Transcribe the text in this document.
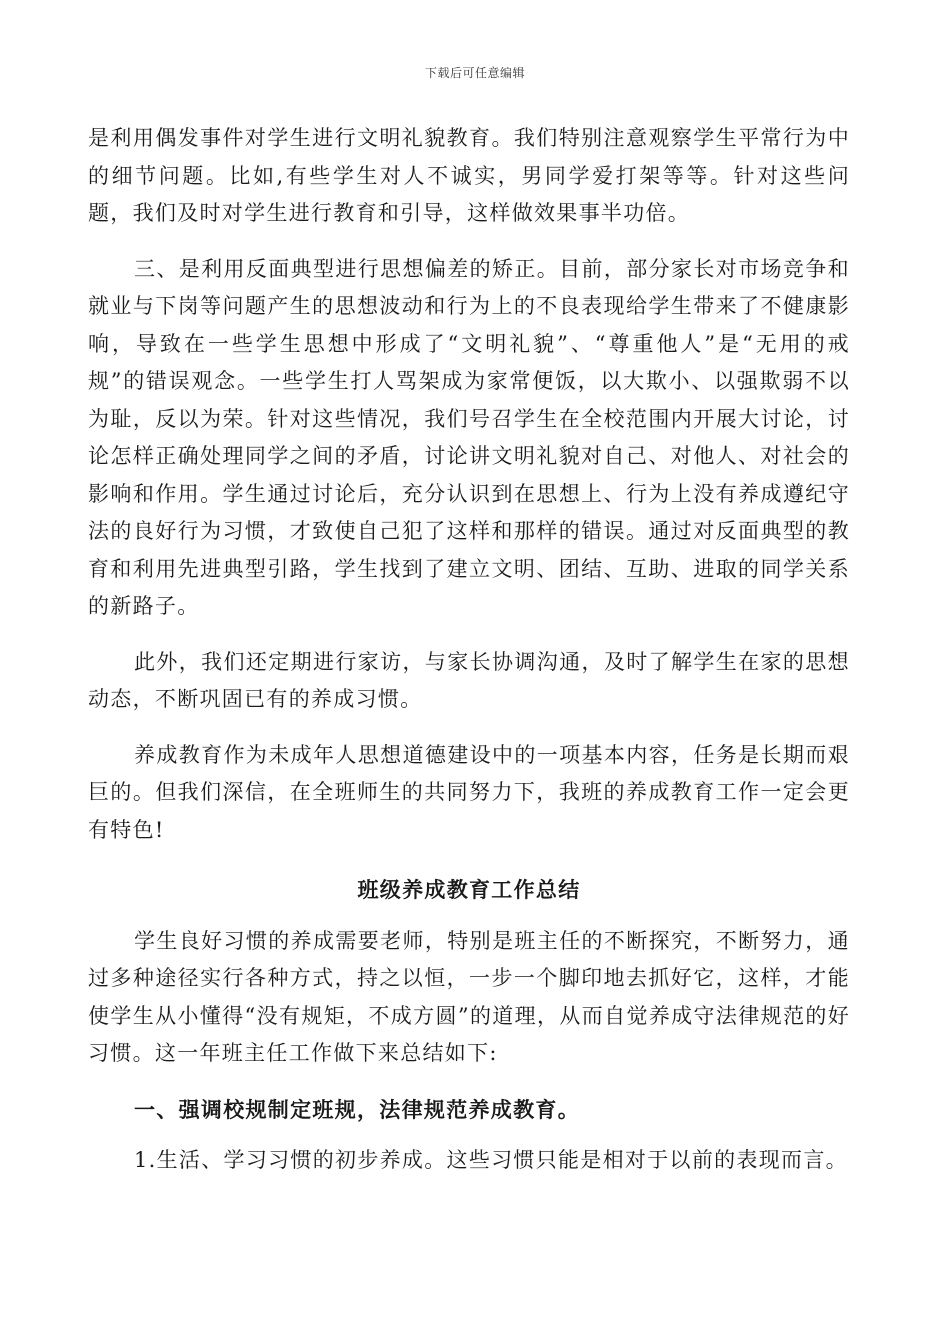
下载后可任意编辑

是利用偶发事件对学生进行文明礼貌教育。我们特别注意观察学生平常行为中的细节问题。比如,有些学生对人不诚实，男同学爱打架等等。针对这些问题，我们及时对学生进行教育和引导，这样做效果事半功倍。

三、是利用反面典型进行思想偏差的矫正。目前，部分家长对市场竞争和就业与下岗等问题产生的思想波动和行为上的不良表现给学生带来了不健康影响，导致在一些学生思想中形成了“文明礼貌”、“尊重他人”是“无用的戒规”的错误观念。一些学生打人骂架成为家常便饭，以大欺小、以强欺弱不以为耻，反以为荣。针对这些情况，我们号召学生在全校范围内开展大讨论，讨论怎样正确处理同学之间的矛盾，讨论讲文明礼貌对自己、对他人、对社会的影响和作用。学生通过讨论后，充分认识到在思想上、行为上没有养成遵纪守法的良好行为习惯，才致使自己犯了这样和那样的错误。通过对反面典型的教育和利用先进典型引路，学生找到了建立文明、团结、互助、进取的同学关系的新路子。

此外，我们还定期进行家访，与家长协调沟通，及时了解学生在家的思想动态，不断巩固已有的养成习惯。

养成教育作为未成年人思想道德建设中的一项基本内容，任务是长期而艰巨的。但我们深信，在全班师生的共同努力下，我班的养成教育工作一定会更有特色!

班级养成教育工作总结

学生良好习惯的养成需要老师，特别是班主任的不断探究，不断努力，通过多种途径实行各种方式，持之以恒，一步一个脚印地去抓好它，这样，才能使学生从小懂得“没有规矩，不成方圆”的道理，从而自觉养成守法律规范的好习惯。这一年班主任工作做下来总结如下:

一、强调校规制定班规，法律规范养成教育。

1.生活、学习习惯的初步养成。这些习惯只能是相对于以前的表现而言。
